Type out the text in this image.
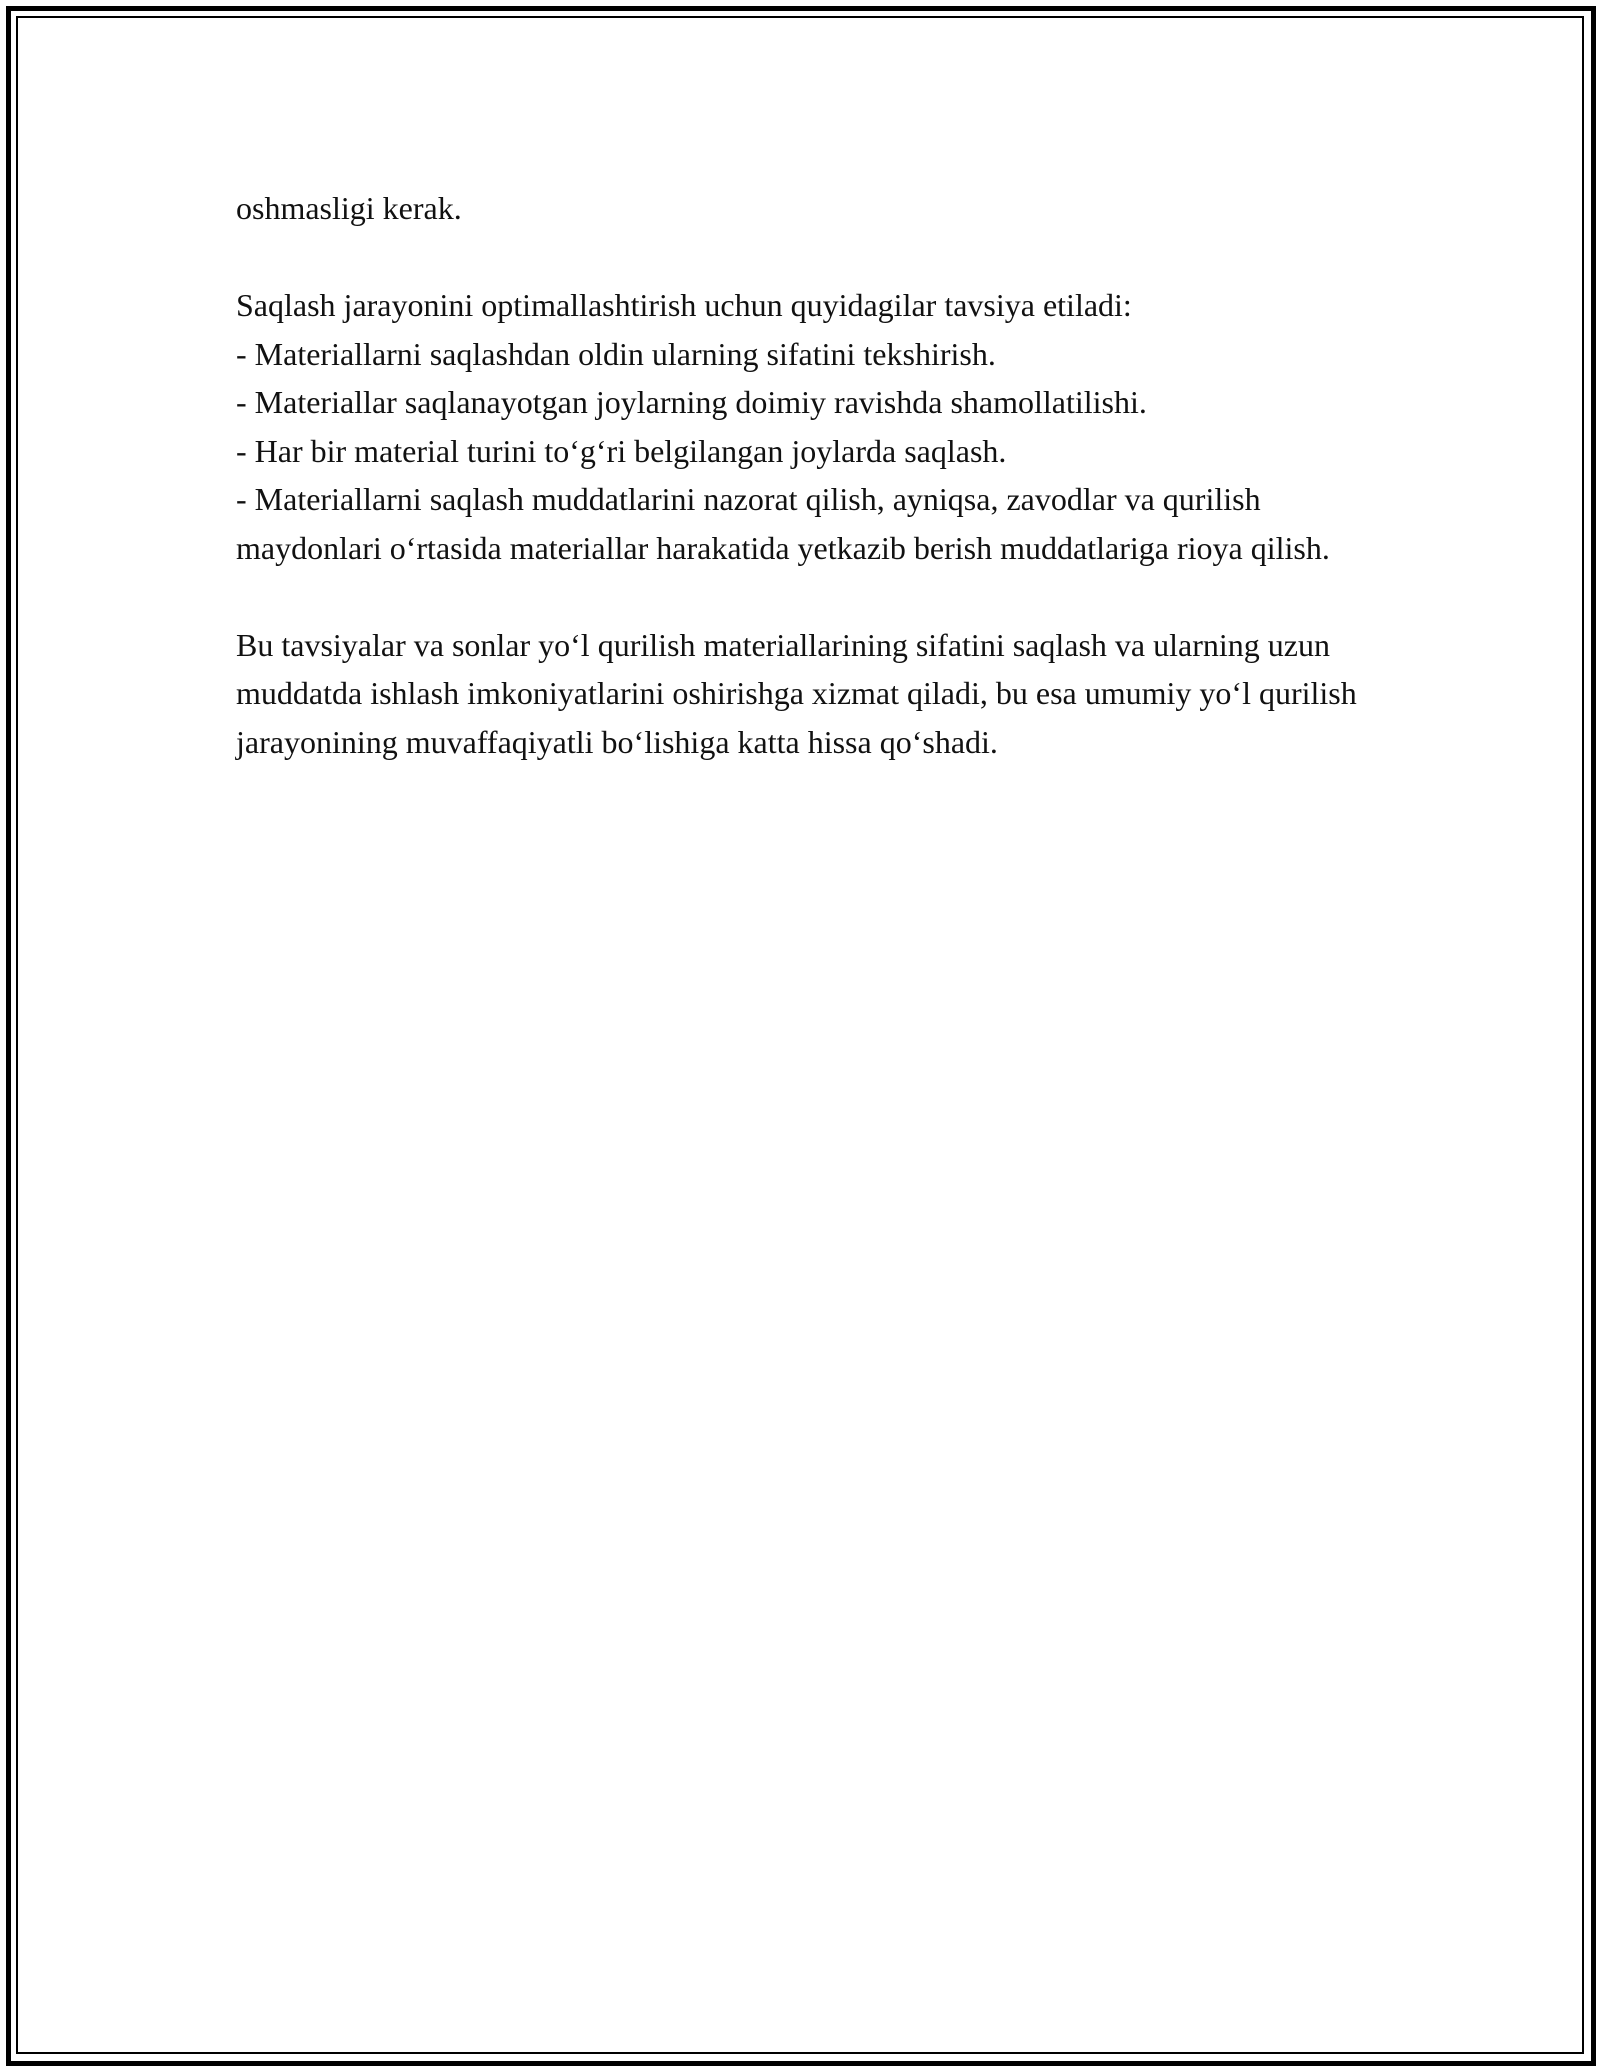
oshmasligi kerak.

Saqlash jarayonini optimallashtirish uchun quyidagilar tavsiya etiladi:

- Materiallarni saqlashdan oldin ularning sifatini tekshirish.

- Materiallar saqlanayotgan joylarning doimiy ravishda shamollatilishi.

- Har bir material turini to‘g‘ri belgilangan joylarda saqlash.

- Materiallarni saqlash muddatlarini nazorat qilish, ayniqsa, zavodlar va qurilish maydonlari o‘rtasida materiallar harakatida yetkazib berish muddatlariga rioya qilish.

Bu tavsiyalar va sonlar yo‘l qurilish materiallarining sifatini saqlash va ularning uzun muddatda ishlash imkoniyatlarini oshirishga xizmat qiladi, bu esa umumiy yo‘l qurilish jarayonining muvaffaqiyatli bo‘lishiga katta hissa qo‘shadi.
